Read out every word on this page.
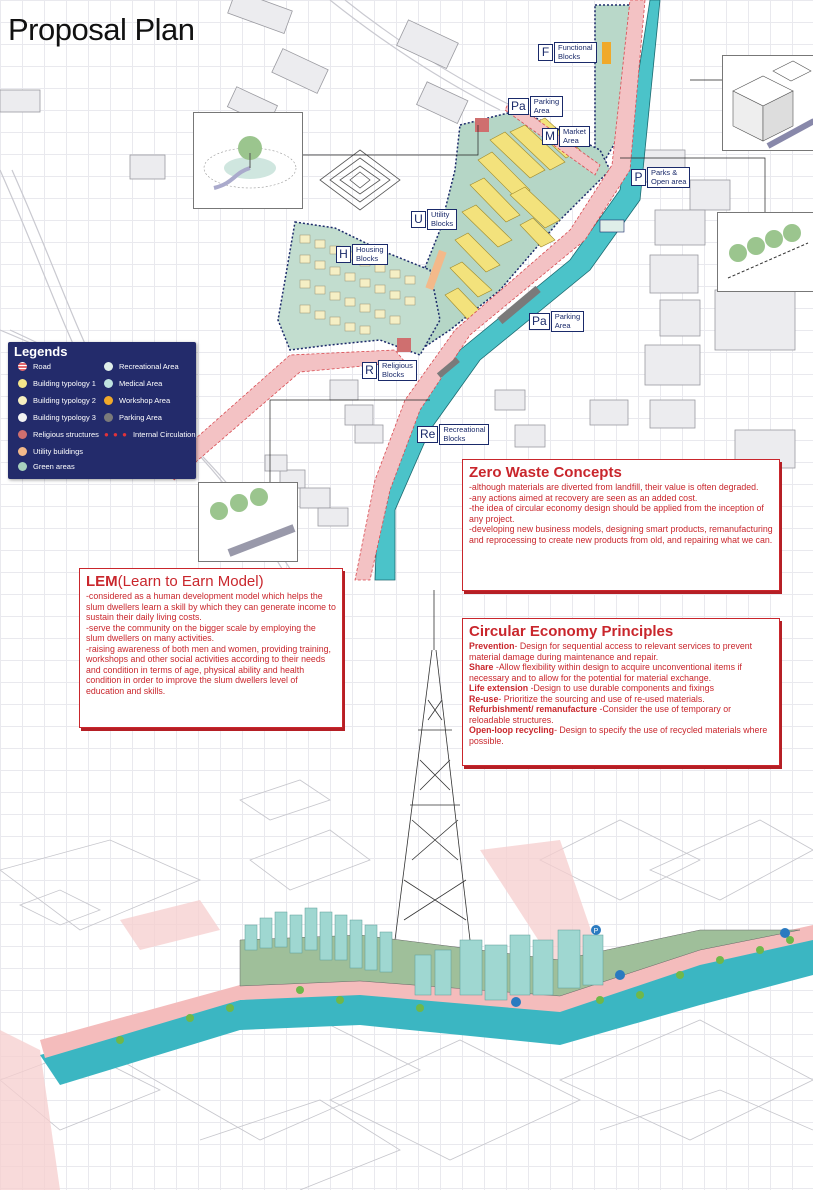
P
Proposal Plan
F	Functional
Blocks
Pa	Parking
Area
M	Market
Area
P	Parks &
Open area
U	Utility
Blocks
H	Housing
Blocks
Pa	Parking
Area
R	Religious
Blocks
Re	Recreational
Blocks
Legends
Road
Building typology 1
Building typology 2
Building typology 3
Religious structures
Utility buildings
Green areas
Recreational Area
Medical Area
Workshop Area
Parking Area
● ● ● Internal Circulation
Zero Waste Concepts
-although materials are diverted from landfill, their value is often degraded.
-any actions aimed at recovery are seen as an added cost.
-the idea of circular economy design should be applied from the inception of any project.
-developing new business models, designing smart products, remanufacturing and reprocessing to create new products from old, and repairing what we can.
LEM(Learn to Earn Model)
-considered as a human development model which helps the slum dwellers learn a skill by which they can generate income to sustain their daily living costs.
-serve the community on the bigger scale by employing the slum dwellers on many activities.
-raising awareness of both men and women, providing training, workshops and other social activities according to their needs and condition in terms of age, physical ability and health condition in order to improve the slum dwellers level of education and skills.
Circular Economy Principles
Prevention- Design for sequential access to relevant services to prevent material damage during maintenance and repair.
Share -Allow flexibility within design to acquire unconventional items if necessary and to allow for the potential for material exchange.
Life extension -Design to use durable components and fixings
Re-use- Prioritize the sourcing and use of re-used materials.
Refurbishment/ remanufacture -Consider the use of temporary or reloadable structures.
Open-loop recycling- Design to specify the use of recycled materials where possible.
